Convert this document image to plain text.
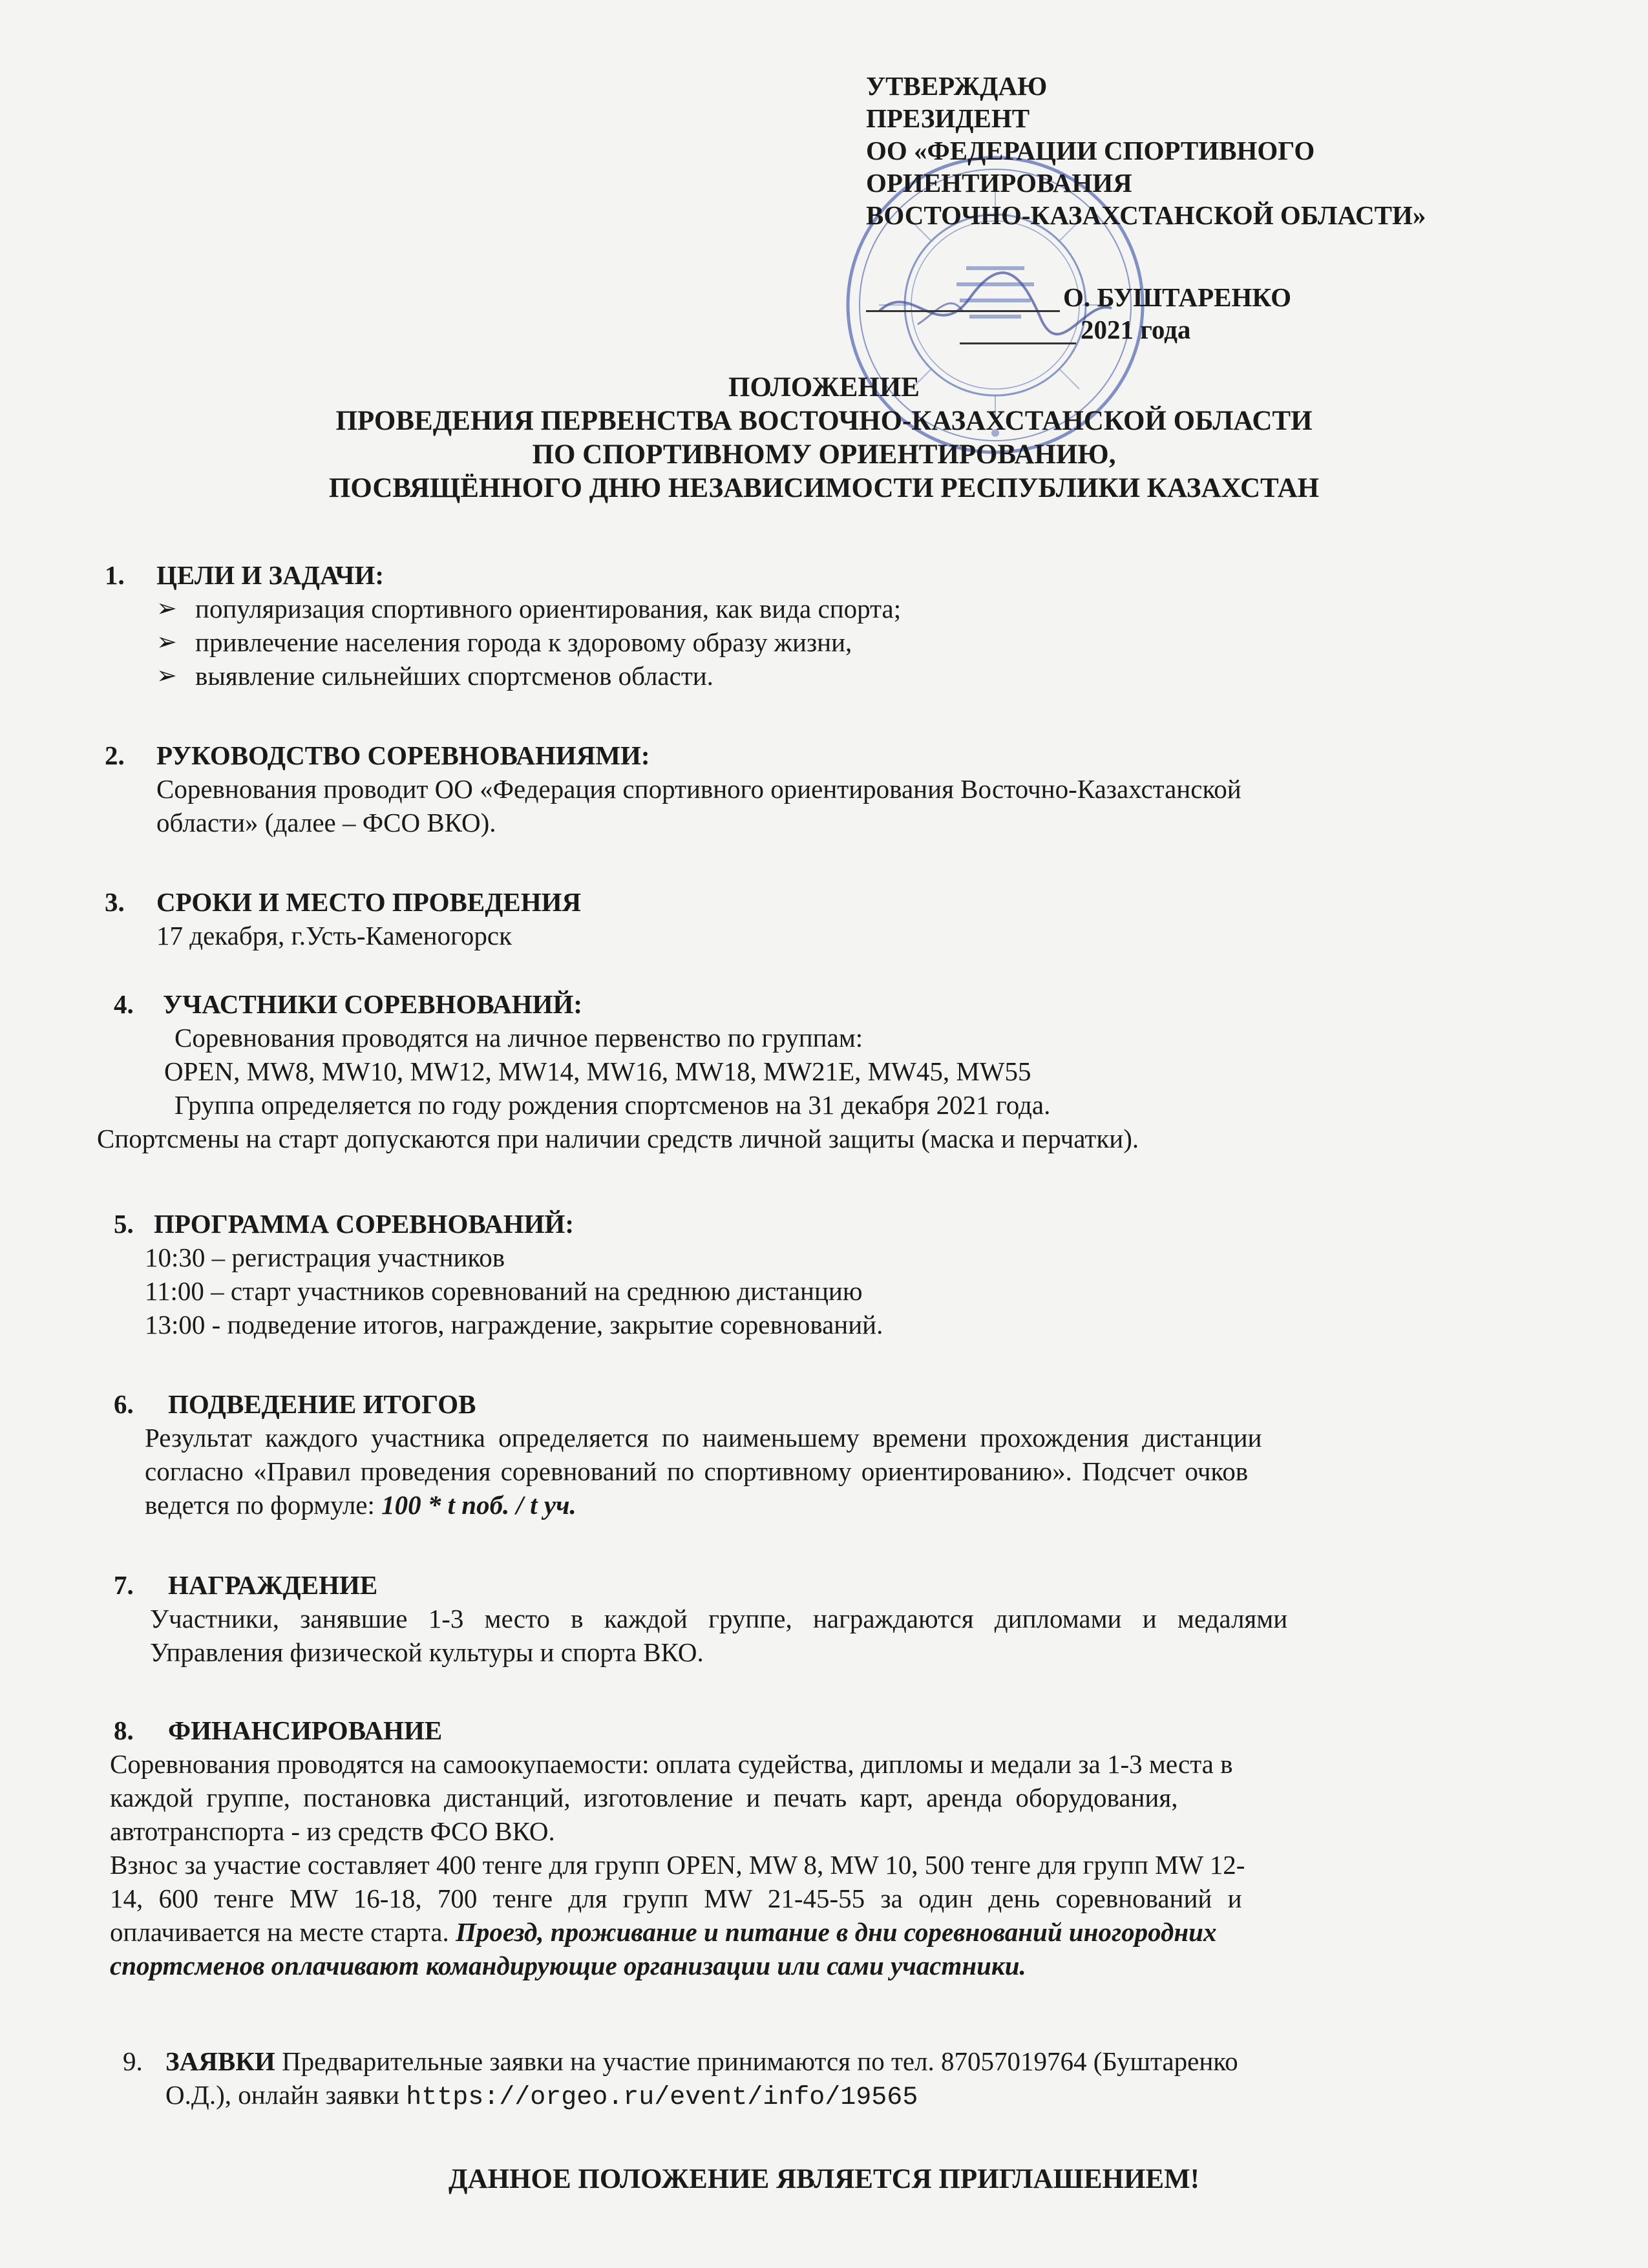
УТВЕРЖДАЮ
ПРЕЗИДЕНТ
ОО «ФЕДЕРАЦИИ СПОРТИВНОГО
ОРИЕНТИРОВАНИЯ
ВОСТОЧНО-КАЗАХСТАНСКОЙ ОБЛАСТИ»
О. БУШТАРЕНКО
2021 года
ПОЛОЖЕНИЕ
ПРОВЕДЕНИЯ ПЕРВЕНСТВА ВОСТОЧНО-КАЗАХСТАНСКОЙ ОБЛАСТИ
ПО СПОРТИВНОМУ ОРИЕНТИРОВАНИЮ,
ПОСВЯЩЁННОГО ДНЮ НЕЗАВИСИМОСТИ РЕСПУБЛИКИ КАЗАХСТАН
1. ЦЕЛИ И ЗАДАЧИ:
➢ популяризация спортивного ориентирования, как вида спорта;
➢ привлечение населения города к здоровому образу жизни,
➢ выявление сильнейших спортсменов области.
2. РУКОВОДСТВО СОРЕВНОВАНИЯМИ:
Соревнования проводит ОО «Федерация спортивного ориентирования Восточно-Казахстанской
области» (далее – ФСО ВКО).
3. СРОКИ И МЕСТО ПРОВЕДЕНИЯ
17 декабря, г.Усть-Каменогорск
4. УЧАСТНИКИ СОРЕВНОВАНИЙ:
Соревнования проводятся на личное первенство по группам:
OPEN, MW8, MW10, MW12, MW14, MW16, MW18, MW21E, MW45, MW55
Группа определяется по году рождения спортсменов на 31 декабря 2021 года.
Спортсмены на старт допускаются при наличии средств личной защиты (маска и перчатки).
5. ПРОГРАММА СОРЕВНОВАНИЙ:
10:30 – регистрация участников
11:00 – старт участников соревнований на среднюю дистанцию
13:00 - подведение итогов, награждение, закрытие соревнований.
6. ПОДВЕДЕНИЕ ИТОГОВ
Результат каждого участника определяется по наименьшему времени прохождения дистанции
согласно «Правил проведения соревнований по спортивному ориентированию». Подсчет очков
ведется по формуле: 100 * t поб. / t уч.
7. НАГРАЖДЕНИЕ
Участники, занявшие 1-3 место в каждой группе, награждаются дипломами и медалями
Управления физической культуры и спорта ВКО.
8. ФИНАНСИРОВАНИЕ
Соревнования проводятся на самоокупаемости: оплата судейства, дипломы и медали за 1-3 места в
каждой группе, постановка дистанций, изготовление и печать карт, аренда оборудования,
автотранспорта - из средств ФСО ВКО.
Взнос за участие составляет 400 тенге для групп OPEN, MW 8, MW 10, 500 тенге для групп MW 12-
14, 600 тенге MW 16-18, 700 тенге для групп MW 21-45-55 за один день соревнований и
оплачивается на месте старта. Проезд, проживание и питание в дни соревнований иногородних
спортсменов оплачивают командирующие организации или сами участники.
9. ЗАЯВКИ Предварительные заявки на участие принимаются по тел. 87057019764 (Буштаренко
О.Д.), онлайн заявки https://orgeo.ru/event/info/19565
ДАННОЕ ПОЛОЖЕНИЕ ЯВЛЯЕТСЯ ПРИГЛАШЕНИЕМ!
